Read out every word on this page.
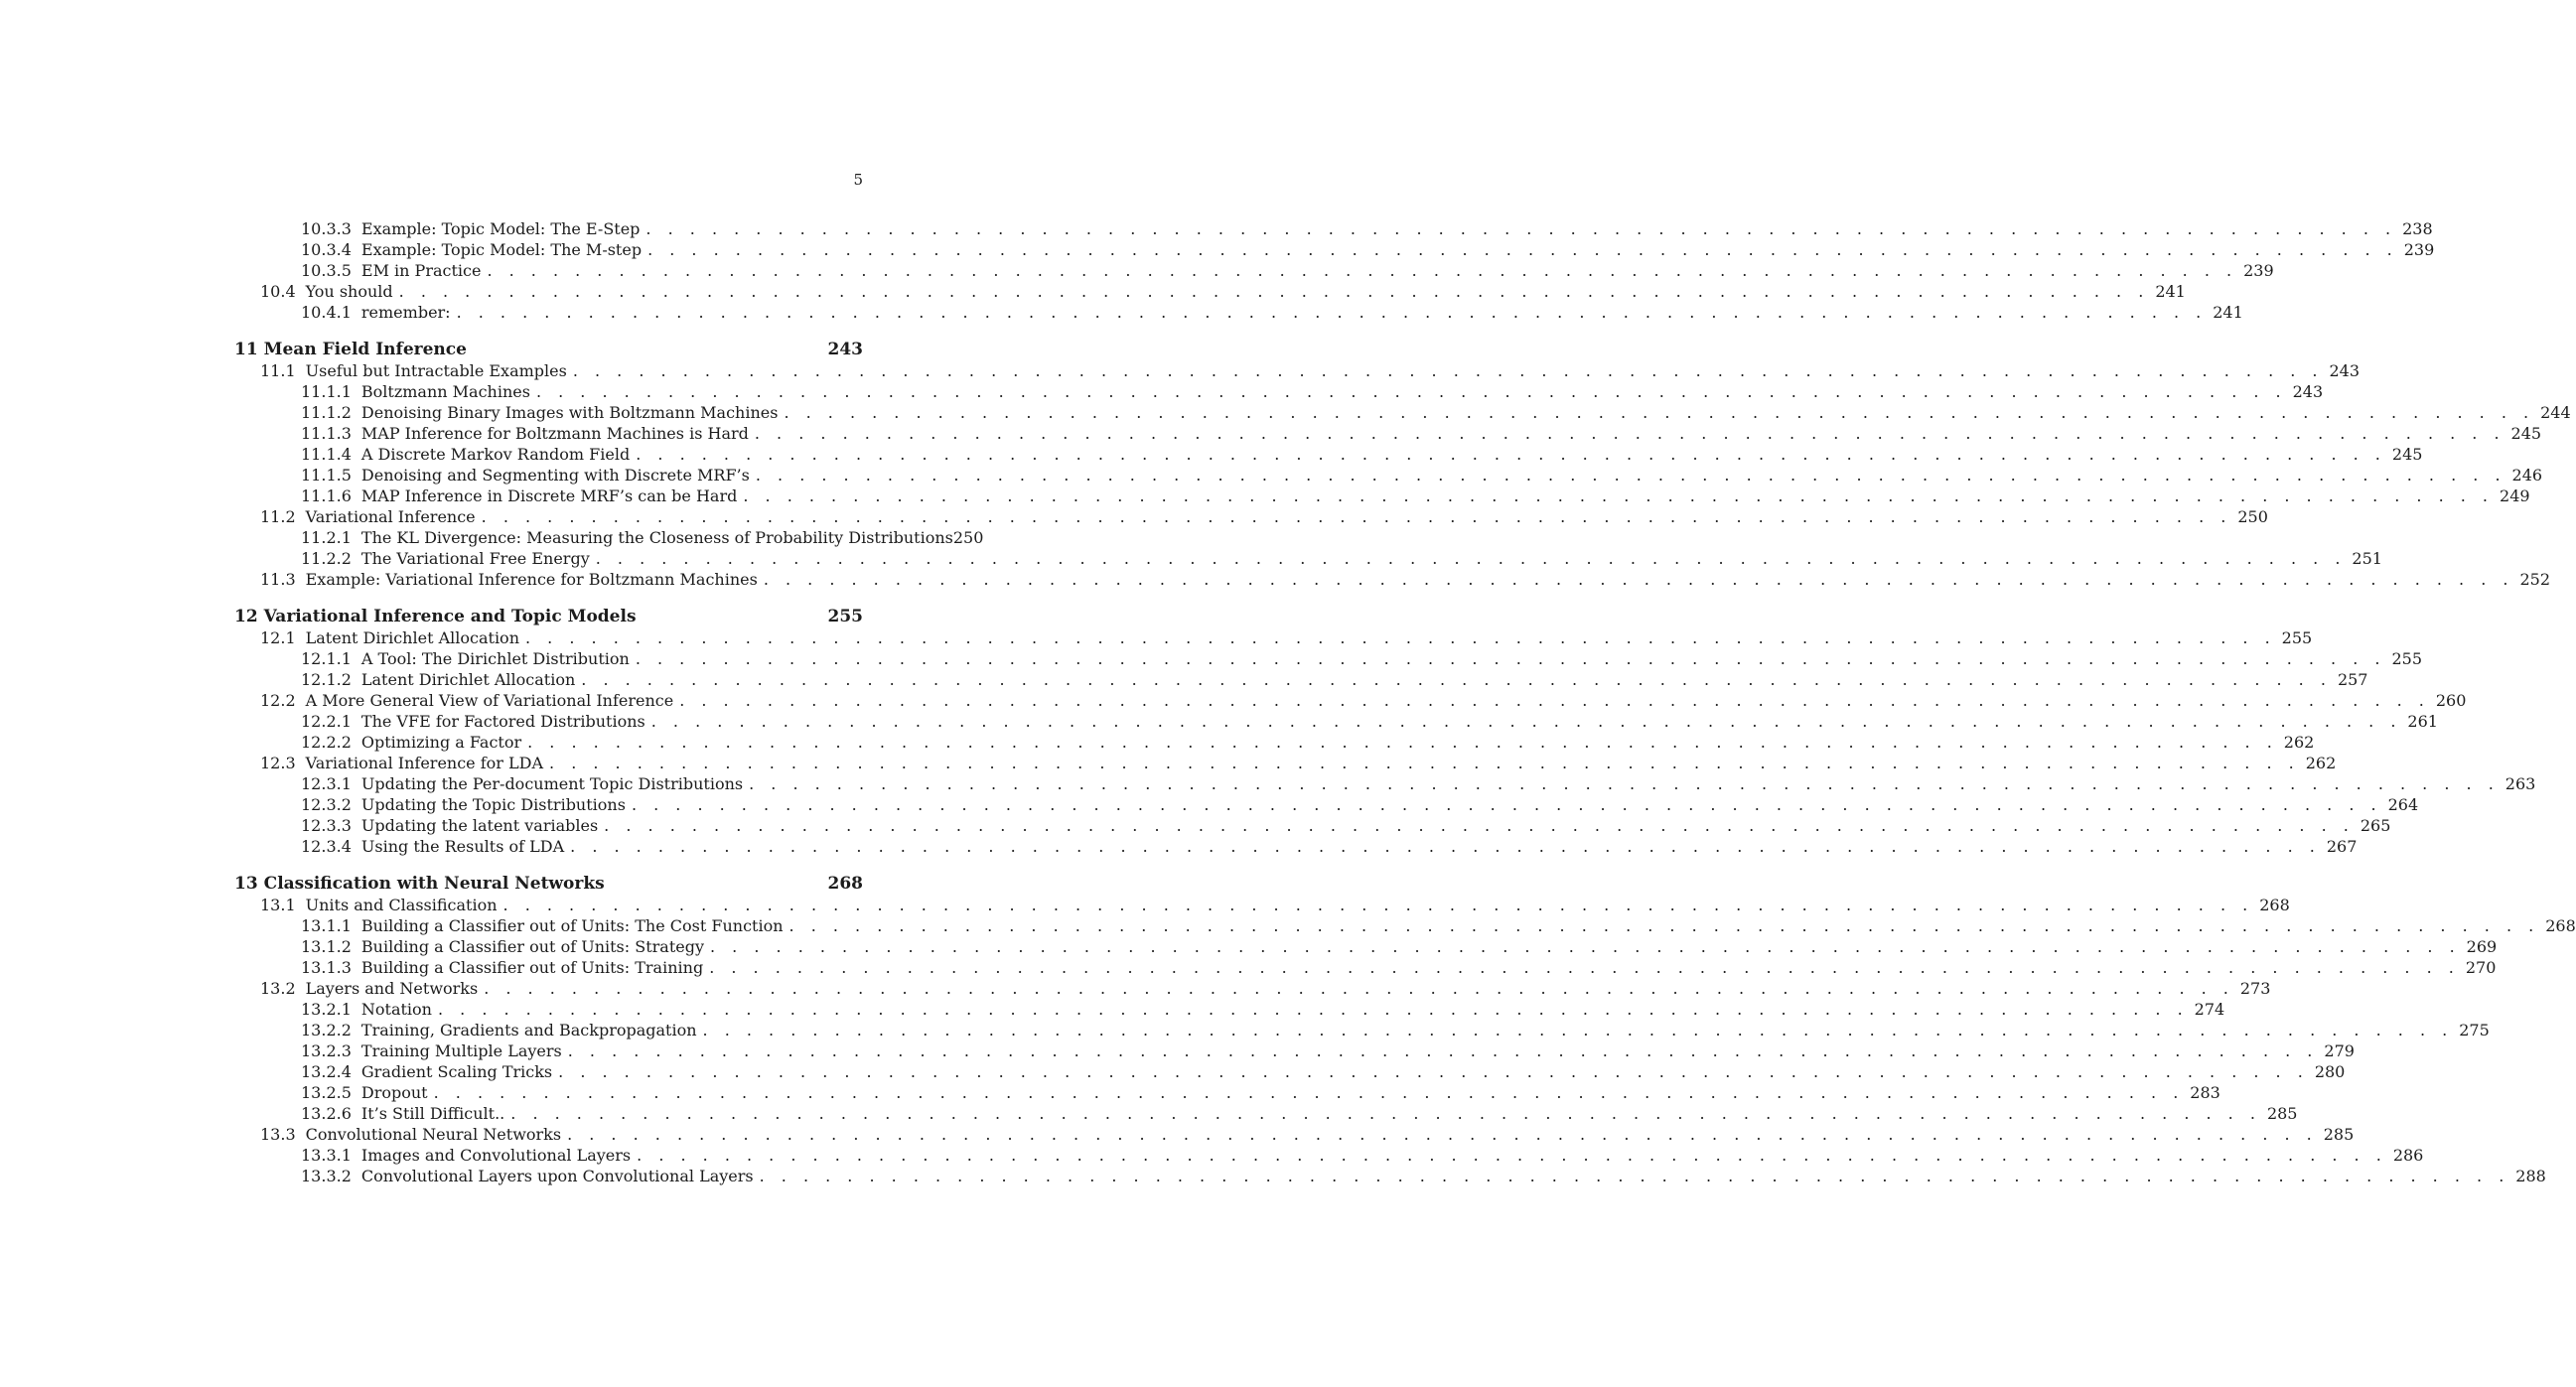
5
10.3.3 Example: Topic Model: The E-Step . . . . . . . . . . . . . . . . . . . . . . . . . . . . . . . . . . . . . . . . . . . . . . . . . . . . . . . . . . . . . . . . . . . . . . . . . . . . . . . . 238
10.3.4 Example: Topic Model: The M-step . . . . . . . . . . . . . . . . . . . . . . . . . . . . . . . . . . . . . . . . . . . . . . . . . . . . . . . . . . . . . . . . . . . . . . . . . . . . . . . . 239
10.3.5 EM in Practice . . . . . . . . . . . . . . . . . . . . . . . . . . . . . . . . . . . . . . . . . . . . . . . . . . . . . . . . . . . . . . . . . . . . . . . . . . . . . . . . 239
10.4 You should . . . . . . . . . . . . . . . . . . . . . . . . . . . . . . . . . . . . . . . . . . . . . . . . . . . . . . . . . . . . . . . . . . . . . . . . . . . . . . . . 241
10.4.1 remember: . . . . . . . . . . . . . . . . . . . . . . . . . . . . . . . . . . . . . . . . . . . . . . . . . . . . . . . . . . . . . . . . . . . . . . . . . . . . . . . . 241
11 Mean Field Inference	243
11.1 Useful but Intractable Examples . . . . . . . . . . . . . . . . . . . . . . . . . . . . . . . . . . . . . . . . . . . . . . . . . . . . . . . . . . . . . . . . . . . . . . . . . . . . . . . . 243
11.1.1 Boltzmann Machines . . . . . . . . . . . . . . . . . . . . . . . . . . . . . . . . . . . . . . . . . . . . . . . . . . . . . . . . . . . . . . . . . . . . . . . . . . . . . . . . 243
11.1.2 Denoising Binary Images with Boltzmann Machines . . . . . . . . . . . . . . . . . . . . . . . . . . . . . . . . . . . . . . . . . . . . . . . . . . . . . . . . . . . . . . . . . . . . . . . . . . . . . . . . 244
11.1.3 MAP Inference for Boltzmann Machines is Hard . . . . . . . . . . . . . . . . . . . . . . . . . . . . . . . . . . . . . . . . . . . . . . . . . . . . . . . . . . . . . . . . . . . . . . . . . . . . . . . . 245
11.1.4 A Discrete Markov Random Field . . . . . . . . . . . . . . . . . . . . . . . . . . . . . . . . . . . . . . . . . . . . . . . . . . . . . . . . . . . . . . . . . . . . . . . . . . . . . . . . 245
11.1.5 Denoising and Segmenting with Discrete MRF’s . . . . . . . . . . . . . . . . . . . . . . . . . . . . . . . . . . . . . . . . . . . . . . . . . . . . . . . . . . . . . . . . . . . . . . . . . . . . . . . . 246
11.1.6 MAP Inference in Discrete MRF’s can be Hard . . . . . . . . . . . . . . . . . . . . . . . . . . . . . . . . . . . . . . . . . . . . . . . . . . . . . . . . . . . . . . . . . . . . . . . . . . . . . . . . 249
11.2 Variational Inference . . . . . . . . . . . . . . . . . . . . . . . . . . . . . . . . . . . . . . . . . . . . . . . . . . . . . . . . . . . . . . . . . . . . . . . . . . . . . . . . 250
11.2.1 The KL Divergence: Measuring the Closeness of Probability Distributions 250
11.2.2 The Variational Free Energy . . . . . . . . . . . . . . . . . . . . . . . . . . . . . . . . . . . . . . . . . . . . . . . . . . . . . . . . . . . . . . . . . . . . . . . . . . . . . . . . 251
11.3 Example: Variational Inference for Boltzmann Machines . . . . . . . . . . . . . . . . . . . . . . . . . . . . . . . . . . . . . . . . . . . . . . . . . . . . . . . . . . . . . . . . . . . . . . . . . . . . . . . . 252
12 Variational Inference and Topic Models	255
12.1 Latent Dirichlet Allocation . . . . . . . . . . . . . . . . . . . . . . . . . . . . . . . . . . . . . . . . . . . . . . . . . . . . . . . . . . . . . . . . . . . . . . . . . . . . . . . . 255
12.1.1 A Tool: The Dirichlet Distribution . . . . . . . . . . . . . . . . . . . . . . . . . . . . . . . . . . . . . . . . . . . . . . . . . . . . . . . . . . . . . . . . . . . . . . . . . . . . . . . . 255
12.1.2 Latent Dirichlet Allocation . . . . . . . . . . . . . . . . . . . . . . . . . . . . . . . . . . . . . . . . . . . . . . . . . . . . . . . . . . . . . . . . . . . . . . . . . . . . . . . . 257
12.2 A More General View of Variational Inference . . . . . . . . . . . . . . . . . . . . . . . . . . . . . . . . . . . . . . . . . . . . . . . . . . . . . . . . . . . . . . . . . . . . . . . . . . . . . . . . 260
12.2.1 The VFE for Factored Distributions . . . . . . . . . . . . . . . . . . . . . . . . . . . . . . . . . . . . . . . . . . . . . . . . . . . . . . . . . . . . . . . . . . . . . . . . . . . . . . . . 261
12.2.2 Optimizing a Factor . . . . . . . . . . . . . . . . . . . . . . . . . . . . . . . . . . . . . . . . . . . . . . . . . . . . . . . . . . . . . . . . . . . . . . . . . . . . . . . . 262
12.3 Variational Inference for LDA . . . . . . . . . . . . . . . . . . . . . . . . . . . . . . . . . . . . . . . . . . . . . . . . . . . . . . . . . . . . . . . . . . . . . . . . . . . . . . . . 262
12.3.1 Updating the Per-document Topic Distributions . . . . . . . . . . . . . . . . . . . . . . . . . . . . . . . . . . . . . . . . . . . . . . . . . . . . . . . . . . . . . . . . . . . . . . . . . . . . . . . . 263
12.3.2 Updating the Topic Distributions . . . . . . . . . . . . . . . . . . . . . . . . . . . . . . . . . . . . . . . . . . . . . . . . . . . . . . . . . . . . . . . . . . . . . . . . . . . . . . . . 264
12.3.3 Updating the latent variables . . . . . . . . . . . . . . . . . . . . . . . . . . . . . . . . . . . . . . . . . . . . . . . . . . . . . . . . . . . . . . . . . . . . . . . . . . . . . . . . 265
12.3.4 Using the Results of LDA . . . . . . . . . . . . . . . . . . . . . . . . . . . . . . . . . . . . . . . . . . . . . . . . . . . . . . . . . . . . . . . . . . . . . . . . . . . . . . . . 267
13 Classification with Neural Networks	268
13.1 Units and Classification . . . . . . . . . . . . . . . . . . . . . . . . . . . . . . . . . . . . . . . . . . . . . . . . . . . . . . . . . . . . . . . . . . . . . . . . . . . . . . . . 268
13.1.1 Building a Classifier out of Units: The Cost Function . . . . . . . . . . . . . . . . . . . . . . . . . . . . . . . . . . . . . . . . . . . . . . . . . . . . . . . . . . . . . . . . . . . . . . . . . . . . . . . . 268
13.1.2 Building a Classifier out of Units: Strategy . . . . . . . . . . . . . . . . . . . . . . . . . . . . . . . . . . . . . . . . . . . . . . . . . . . . . . . . . . . . . . . . . . . . . . . . . . . . . . . . 269
13.1.3 Building a Classifier out of Units: Training . . . . . . . . . . . . . . . . . . . . . . . . . . . . . . . . . . . . . . . . . . . . . . . . . . . . . . . . . . . . . . . . . . . . . . . . . . . . . . . . 270
13.2 Layers and Networks . . . . . . . . . . . . . . . . . . . . . . . . . . . . . . . . . . . . . . . . . . . . . . . . . . . . . . . . . . . . . . . . . . . . . . . . . . . . . . . . 273
13.2.1 Notation . . . . . . . . . . . . . . . . . . . . . . . . . . . . . . . . . . . . . . . . . . . . . . . . . . . . . . . . . . . . . . . . . . . . . . . . . . . . . . . . 274
13.2.2 Training, Gradients and Backpropagation . . . . . . . . . . . . . . . . . . . . . . . . . . . . . . . . . . . . . . . . . . . . . . . . . . . . . . . . . . . . . . . . . . . . . . . . . . . . . . . . 275
13.2.3 Training Multiple Layers . . . . . . . . . . . . . . . . . . . . . . . . . . . . . . . . . . . . . . . . . . . . . . . . . . . . . . . . . . . . . . . . . . . . . . . . . . . . . . . . 279
13.2.4 Gradient Scaling Tricks . . . . . . . . . . . . . . . . . . . . . . . . . . . . . . . . . . . . . . . . . . . . . . . . . . . . . . . . . . . . . . . . . . . . . . . . . . . . . . . . 280
13.2.5 Dropout . . . . . . . . . . . . . . . . . . . . . . . . . . . . . . . . . . . . . . . . . . . . . . . . . . . . . . . . . . . . . . . . . . . . . . . . . . . . . . . . 283
13.2.6 It’s Still Difficult.. . . . . . . . . . . . . . . . . . . . . . . . . . . . . . . . . . . . . . . . . . . . . . . . . . . . . . . . . . . . . . . . . . . . . . . . . . . . . . . . . 285
13.3 Convolutional Neural Networks . . . . . . . . . . . . . . . . . . . . . . . . . . . . . . . . . . . . . . . . . . . . . . . . . . . . . . . . . . . . . . . . . . . . . . . . . . . . . . . . 285
13.3.1 Images and Convolutional Layers . . . . . . . . . . . . . . . . . . . . . . . . . . . . . . . . . . . . . . . . . . . . . . . . . . . . . . . . . . . . . . . . . . . . . . . . . . . . . . . . 286
13.3.2 Convolutional Layers upon Convolutional Layers . . . . . . . . . . . . . . . . . . . . . . . . . . . . . . . . . . . . . . . . . . . . . . . . . . . . . . . . . . . . . . . . . . . . . . . . . . . . . . . . 288
